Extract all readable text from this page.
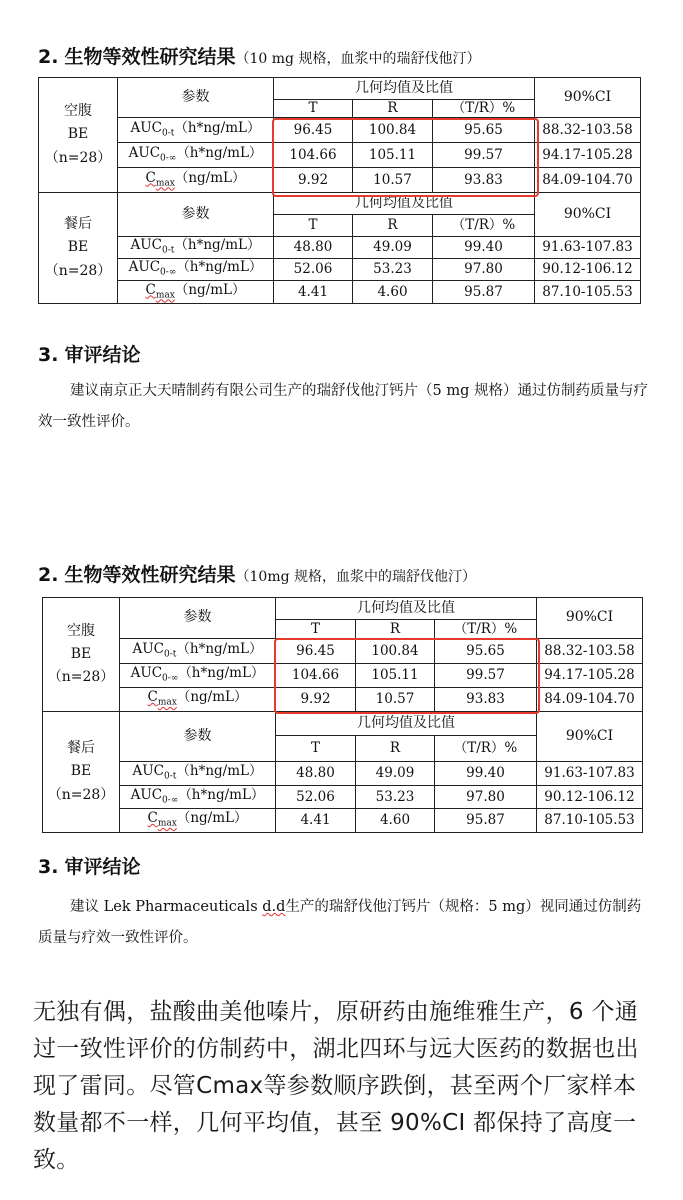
2. 生物等效性研究结果（10 mg 规格，血浆中的瑞舒伐他汀）
空腹
BE
（n=28）	参数	几何均值及比值			90%CI
		T	R	（T/R）%	
	$AUC_{0-t}(h*ng/mL)$	96.45	100.84	95.65	88.32-103.58
	$AUC_{0-\infty}(h*ng/mL)$	104.66	105.11	99.57	94.17-105.28
	$C_{max}(ng/mL)$	9.92	10.57	93.83	84.09-104.70
餐后
BE
（n=28）	参数	几何均值及比值			90%CI
		T	R	（T/R）%	
	$AUC_{0-t}(h*ng/mL)$	48.80	49.09	99.40	91.63-107.83
	$AUC_{0-\infty}(h*ng/mL)$	52.06	53.23	97.80	90.12-106.12
	$C_{max}(ng/mL)$	4.41	4.60	95.87	87.10-105.53
3. 审评结论
建议南京正大天晴制药有限公司生产的瑞舒伐他汀钙片（5 mg 规格）通过仿制药质量与疗效一致性评价。
2. 生物等效性研究结果（10mg 规格，血浆中的瑞舒伐他汀）
空腹
BE
（n=28）	参数	几何均值及比值			90%CI
		T	R	（T/R）%	
	$AUC_{0-t}(h*ng/mL)$	96.45	100.84	95.65	88.32-103.58
	$AUC_{0-\infty}(h*ng/mL)$	104.66	105.11	99.57	94.17-105.28
	$C_{max}(ng/mL)$	9.92	10.57	93.83	84.09-104.70
餐后
BE
（n=28）	参数	几何均值及比值			90%CI
		T	R	（T/R）%	
	$AUC_{0-t}(h*ng/mL)$	48.80	49.09	99.40	91.63-107.83
	$AUC_{0-\infty}(h*ng/mL)$	52.06	53.23	97.80	90.12-106.12
	$C_{max}(ng/mL)$	4.41	4.60	95.87	87.10-105.53
3. 审评结论
建议 Lek Pharmaceuticals d.d生产的瑞舒伐他汀钙片（规格：5 mg）视同通过仿制药质量与疗效一致性评价。
无独有偶，盐酸曲美他嗪片，原研药由施维雅生产，6 个通过一致性评价的仿制药中，湖北四环与远大医药的数据也出现了雷同。尽管Cmax等参数顺序跌倒，甚至两个厂家样本数量都不一样，几何平均值，甚至 90%CI 都保持了高度一致。
